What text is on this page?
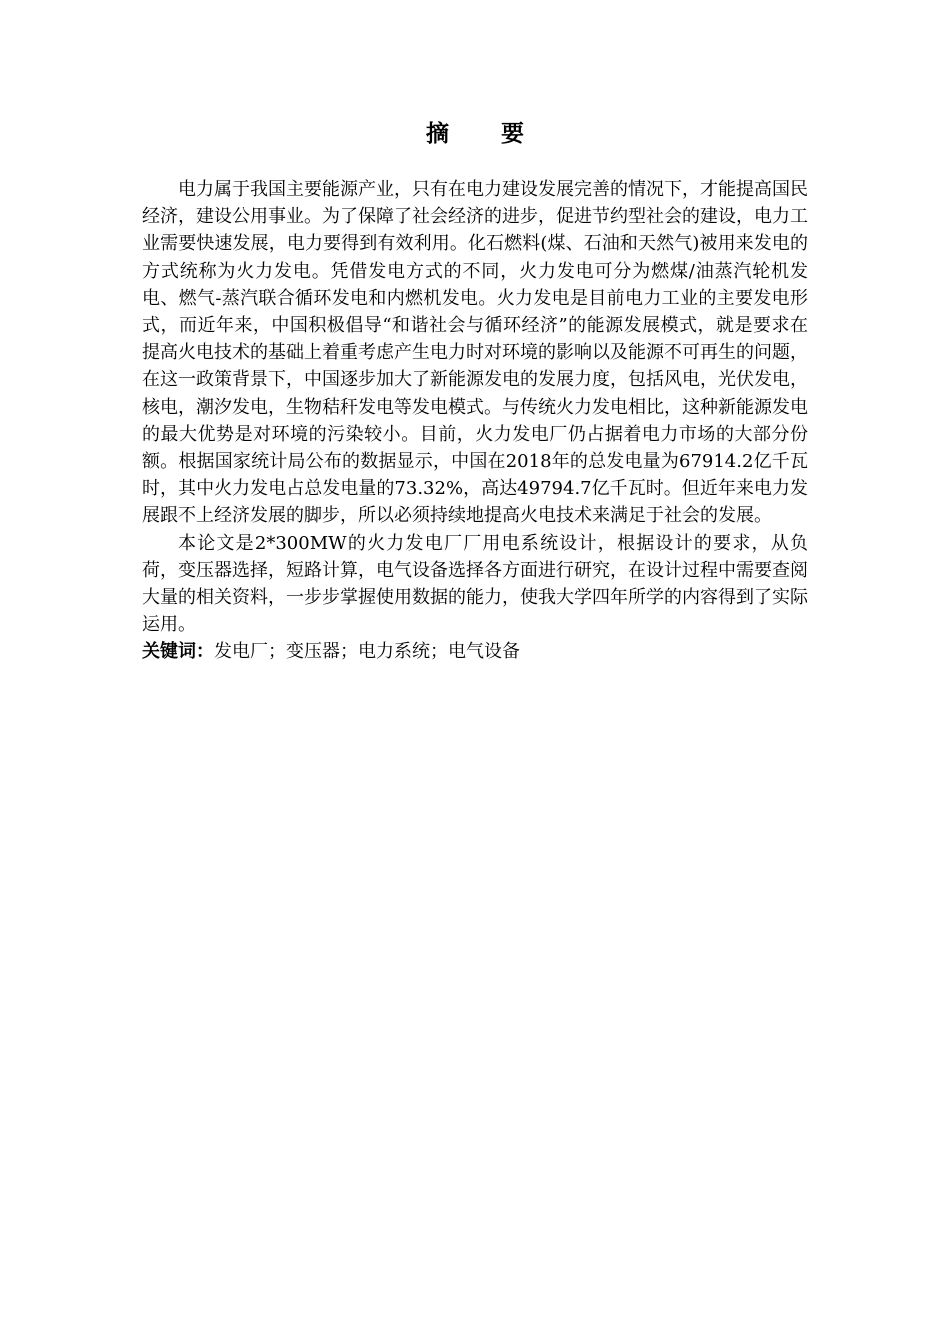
摘 要

电力属于我国主要能源产业，只有在电力建设发展完善的情况下，才能提高国民经济，建设公用事业。为了保障了社会经济的进步，促进节约型社会的建设，电力工业需要快速发展，电力要得到有效利用。化石燃料(煤、石油和天然气)被用来发电的方式统称为火力发电。凭借发电方式的不同，火力发电可分为燃煤/油蒸汽轮机发电、燃气-蒸汽联合循环发电和内燃机发电。火力发电是目前电力工业的主要发电形式，而近年来，中国积极倡导“和谐社会与循环经济”的能源发展模式，就是要求在提高火电技术的基础上着重考虑产生电力时对环境的影响以及能源不可再生的问题，在这一政策背景下，中国逐步加大了新能源发电的发展力度，包括风电，光伏发电，核电，潮汐发电，生物秸秆发电等发电模式。与传统火力发电相比，这种新能源发电的最大优势是对环境的污染较小。目前，火力发电厂仍占据着电力市场的大部分份额。根据国家统计局公布的数据显示，中国在2018年的总发电量为67914.2亿千瓦时，其中火力发电占总发电量的73.32%，高达49794.7亿千瓦时。但近年来电力发展跟不上经济发展的脚步，所以必须持续地提高火电技术来满足于社会的发展。

本论文是2*300MW的火力发电厂厂用电系统设计，根据设计的要求，从负荷，变压器选择，短路计算，电气设备选择各方面进行研究，在设计过程中需要查阅大量的相关资料，一步步掌握使用数据的能力，使我大学四年所学的内容得到了实际运用。

关键词：发电厂；变压器；电力系统；电气设备
